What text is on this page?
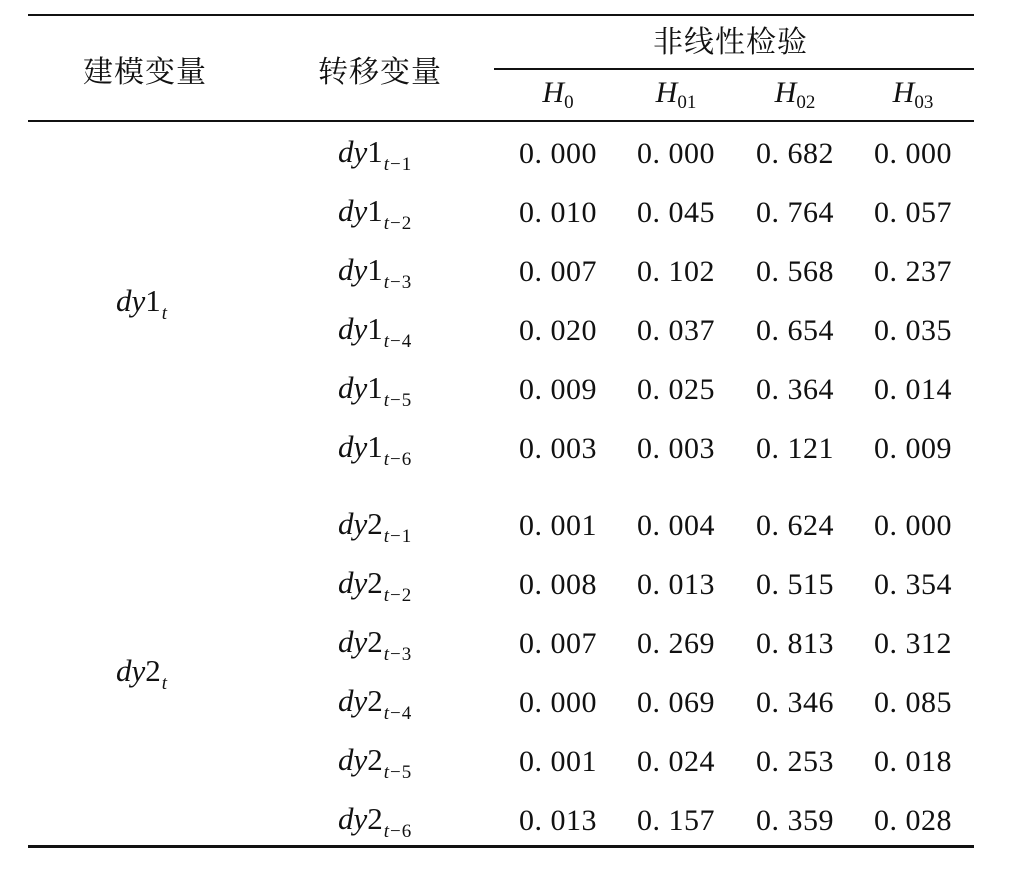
建模变量	转移变量
非线性检验
$H_0$	$H_{01}$	$H_{02}$	$H_{03}$
$dy1_t$
$dy1_{t-1}$	0. 000	0. 000	0. 682	0. 000
$dy1_{t-2}$	0. 010	0. 045	0. 764	0. 057
$dy1_{t-3}$	0. 007	0. 102	0. 568	0. 237
$dy1_{t-4}$	0. 020	0. 037	0. 654	0. 035
$dy1_{t-5}$	0. 009	0. 025	0. 364	0. 014
$dy1_{t-6}$	0. 003	0. 003	0. 121	0. 009
$dy2_t$
$dy2_{t-1}$	0. 001	0. 004	0. 624	0. 000
$dy2_{t-2}$	0. 008	0. 013	0. 515	0. 354
$dy2_{t-3}$	0. 007	0. 269	0. 813	0. 312
$dy2_{t-4}$	0. 000	0. 069	0. 346	0. 085
$dy2_{t-5}$	0. 001	0. 024	0. 253	0. 018
$dy2_{t-6}$	0. 013	0. 157	0. 359	0. 028
